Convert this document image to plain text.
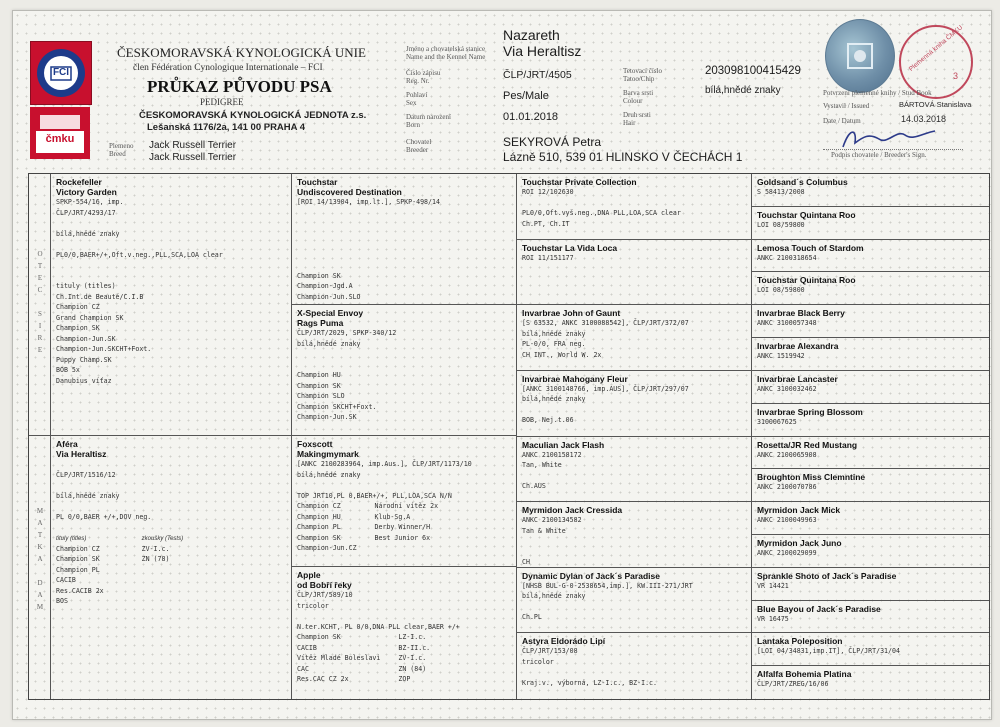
FCI
čmku
ČESKOMORAVSKÁ KYNOLOGICKÁ UNIE
člen Fédération Cynologique Internationale – FCI
PRŮKAZ PŮVODU PSA
PEDIGREE
ČESKOMORAVSKÁ KYNOLOGICKÁ JEDNOTA z.s.
Lešanská 1176/2a, 141 00 PRAHA 4
Plemeno
Breed
Jack Russell Terrier
Jack Russell Terrier
Jméno a chovatelská stanice
Name and the Kennel Name
Číslo zápisu
Reg. Nr.
Pohlaví
Sex
Datum narození
Born
Chovatel
Breeder
Nazareth
Via Heraltisz
ČLP/JRT/4505
Pes/Male
01.01.2018
SEKYROVÁ Petra
Lázně 510, 539 01 HLINSKO V ČECHÁCH 1
Tetovací číslo
Tatoo/Chip
Barva srsti
Colour
Druh srsti
Hair
203098100415429
bílá,hnědé znaky
Plemenná kniha ČMKU
3
Potvrzení plemenné knihy / Stud Book
Vystavil / Issued	BÁRTOVÁ Stanislava
Date / Datum	14.03.2018
Podpis chovatele / Breeder's Sign.
O
T
E
C

S
I
R
E
M
A
T
K
A

D
A
M
Rockefeller
Victory Garden
SPKP-554/16, imp.
ČLP/JRT/4293/17

bílá,hnědé znaky

PL0/0,BAER+/+,Oft.v.neg.,PLL,SCA,LOA clear

tituly (titles)
Ch.Int.de Beauté/C.I.B
Champion CZ
Grand Champion SK
Champion SK
Champion-Jun.SK
Champion-Jun.SKCHT+Foxt.
Puppy Champ.SK
BOB 5x
Danubius víťaz
Aféra
Via Heraltisz

ČLP/JRT/1516/12

bílá,hnědé znaky

PL 0/0,BAER +/+,DOV neg.

tituly (titles)
Champion CZ
Champion SK
Champion PL
CACIB
Res.CACIB 2x
BOS
zkoušky (Tests)
ZV-I.c.
ZN (78)
Touchstar
Undiscovered Destination
[ROI 14/13904, imp.lt.], SPKP-498/14

Champion SK
Champion-Jgd.A
Champion-Jun.SLO
X-Special Envoy
Rags Puma
ČLP/JRT/2029, SPKP-340/12
bílá,hnědé znaky

Champion HU
Champion SK
Champion SLO
Champion SKCHT+Foxt.
Champion-Jun.SK
Foxscott
Makingmymark
[ANKC 2100283964, imp.Aus.], ČLP/JRT/1173/10
bílá,hnědé znaky

TOP JRT10,PL 0,BAER+/+, PLL,LOA,SCA N/N
Champion CZ
Champion HU
Champion PL
Champion SK
Champion-Jun.CZ
Národní vítěz 2x
Klub-Sg.A
Derby Winner/H
Best Junior 6x

Apple
od Bobří řeky
ČLP/JRT/589/10
tricolor

N.ter.KCHT, PL 0/0,DNA PLL clear,BAER +/+
Champion SK
CACIB
Vítěz Mladé Boleslavi
CAC
Res.CAC CZ 2x
LZ-I.c.
BZ-II.c.
ZV-I.c.
ZN (84)
ZOP
Touchstar Private Collection
ROI 12/102630

PL0/0,Oft.vyš.neg.,DNA PLL,LOA,SCA clear
Ch.PT, Ch.IT
Touchstar La Vida Loca
ROI 11/151177
Invarbrae John of Gaunt
[S 63532, ANKC 3100088542], ČLP/JRT/372/07
bílá,hnědé znaky
PL-0/0, FRA neg.
CH INT., World W. 2x
Invarbrae Mahogany Fleur
[ANKC 3100148766, imp.AUS], ČLP/JRT/297/07
bílá,hnědé znaky

BOB, Nej.t.06
Maculian Jack Flash
ANKC 2100158172
Tan, White

Ch.AUS
Myrmidon Jack Cressida
ANKC 2100134582
Tan & White

CH
Dynamic Dylan of Jack´s Paradise
[NHSB BUL-G-0-2538654,imp.], KW.III-271/JRT
bílá,hnědé znaky

Ch.PL
Astyra Eldorádo Lipí
ČLP/JRT/153/08
tricolor

Kraj.v., výborná, LZ-I.c., BZ-I.c.
Goldsand´s Columbus
S 58413/2008
Touchstar Quintana Roo
LOI 08/59800
Lemosa Touch of Stardom
ANKC 2100318654
Touchstar Quintana Roo
LOI 08/59800
Invarbrae Black Berry
ANKC 3100057348
Invarbrae Alexandra
ANKC 1519942
Invarbrae Lancaster
ANKC 3100032462
Invarbrae Spring Blossom
3100067625
Rosetta/JR Red Mustang
ANKC 2100065908
Broughton Miss Clemntine
ANKC 2100070786
Myrmidon Jack Mick
ANKC 2100049963
Myrmidon Jack Juno
ANKC 2100029099
Sprankle Shoto of Jack´s Paradise
VR 14421
Blue Bayou of Jack´s Paradise
VR 16475
Lantaka Poleposition
[LOI 04/34831,imp.IT], ČLP/JRT/31/04
Alfalfa Bohemia Platina
ČLP/JRT/ZREG/16/06
